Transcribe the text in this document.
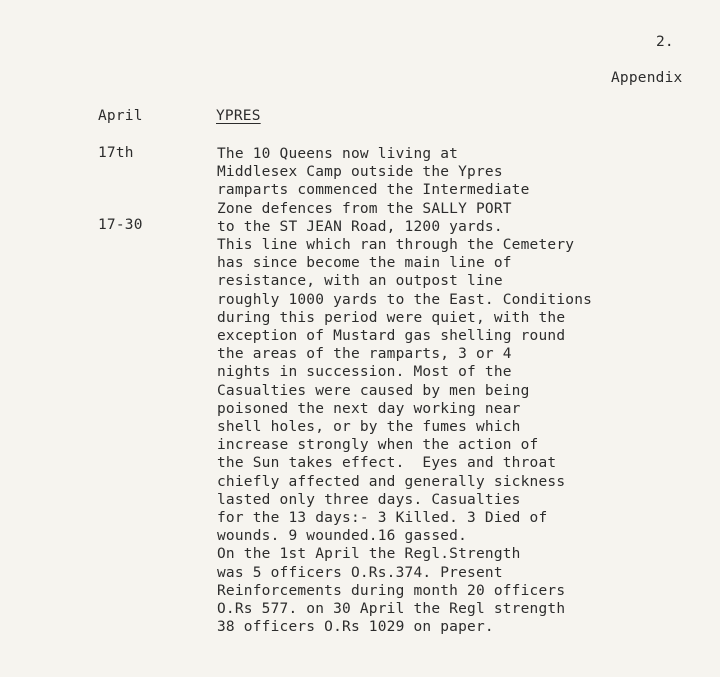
2.
Appendix
April	YPRES
17th
17-30
The 10 Queens now living at
Middlesex Camp outside the Ypres
ramparts commenced the Intermediate
Zone defences from the SALLY PORT
to the ST JEAN Road, 1200 yards.
This line which ran through the Cemetery
has since become the main line of
resistance, with an outpost line
roughly 1000 yards to the East. Conditions
during this period were quiet, with the
exception of Mustard gas shelling round
the areas of the ramparts, 3 or 4
nights in succession. Most of the
Casualties were caused by men being
poisoned the next day working near
shell holes, or by the fumes which
increase strongly when the action of
the Sun takes effect.  Eyes and throat
chiefly affected and generally sickness
lasted only three days. Casualties
for the 13 days:- 3 Killed. 3 Died of
wounds. 9 wounded.16 gassed.
On the 1st April the Regl.Strength
was 5 officers O.Rs.374. Present
Reinforcements during month 20 officers
O.Rs 577. on 30 April the Regl strength
38 officers O.Rs 1029 on paper.
